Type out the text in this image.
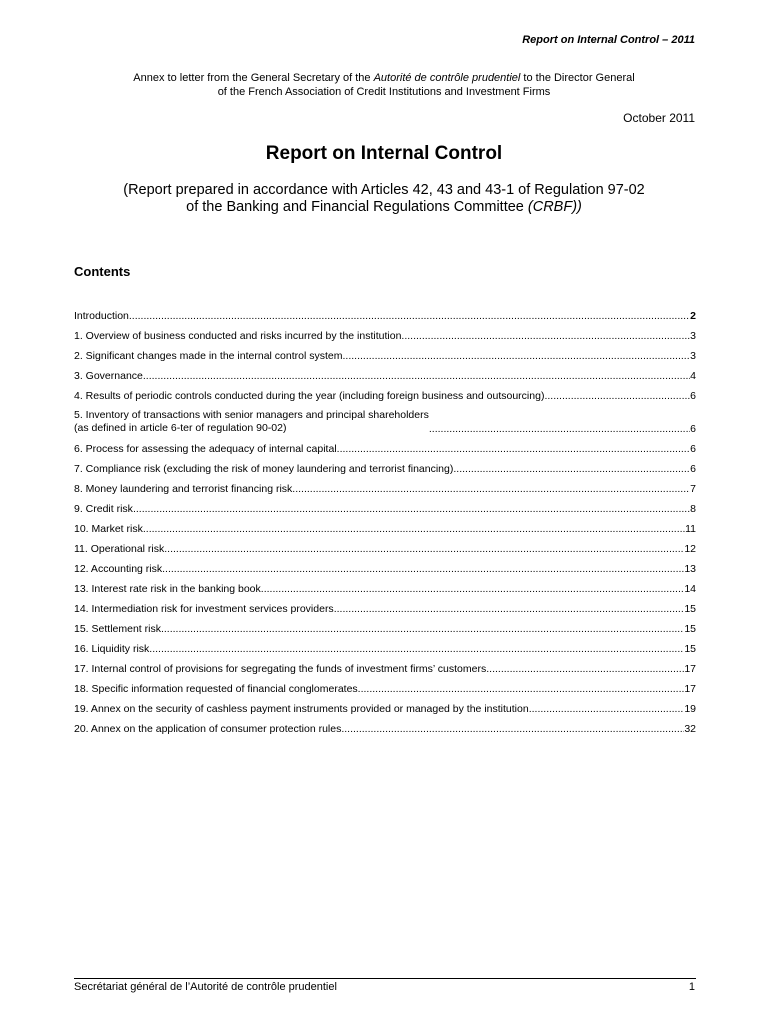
Report on Internal Control – 2011
Annex to letter from the General Secretary of the Autorité de contrôle prudentiel to the Director General
of the French Association of Credit Institutions and Investment Firms
October 2011
Report on Internal Control
(Report prepared in accordance with Articles 42, 43 and 43-1 of Regulation 97-02
of the Banking and Financial Regulations Committee (CRBF))
Contents
Introduction .....	2
1. Overview of business conducted and risks incurred by the institution .....	3
2. Significant changes made in the internal control system .....	3
3. Governance .....	4
4. Results of periodic controls conducted during the year (including foreign business and outsourcing) .....	6
5. Inventory of transactions with senior managers and principal shareholders
(as defined in article 6-ter of regulation 90-02) .....	6
6. Process for assessing the adequacy of internal capital .....	6
7. Compliance risk (excluding the risk of money laundering and terrorist financing) .....	6
8. Money laundering and terrorist financing risk .....	7
9. Credit risk .....	8
10. Market risk .....	11
11. Operational risk .....	12
12. Accounting risk .....	13
13. Interest rate risk in the banking book .....	14
14. Intermediation risk for investment services providers .....	15
15. Settlement risk .....	15
16. Liquidity risk .....	15
17. Internal control of provisions for segregating the funds of investment firms’ customers .....	17
18. Specific information requested of financial conglomerates .....	17
19. Annex on the security of cashless payment instruments provided or managed by the institution .....	19
20. Annex on the application of consumer protection rules .....	32
Secrétariat général de l’Autorité de contrôle prudentiel	1
